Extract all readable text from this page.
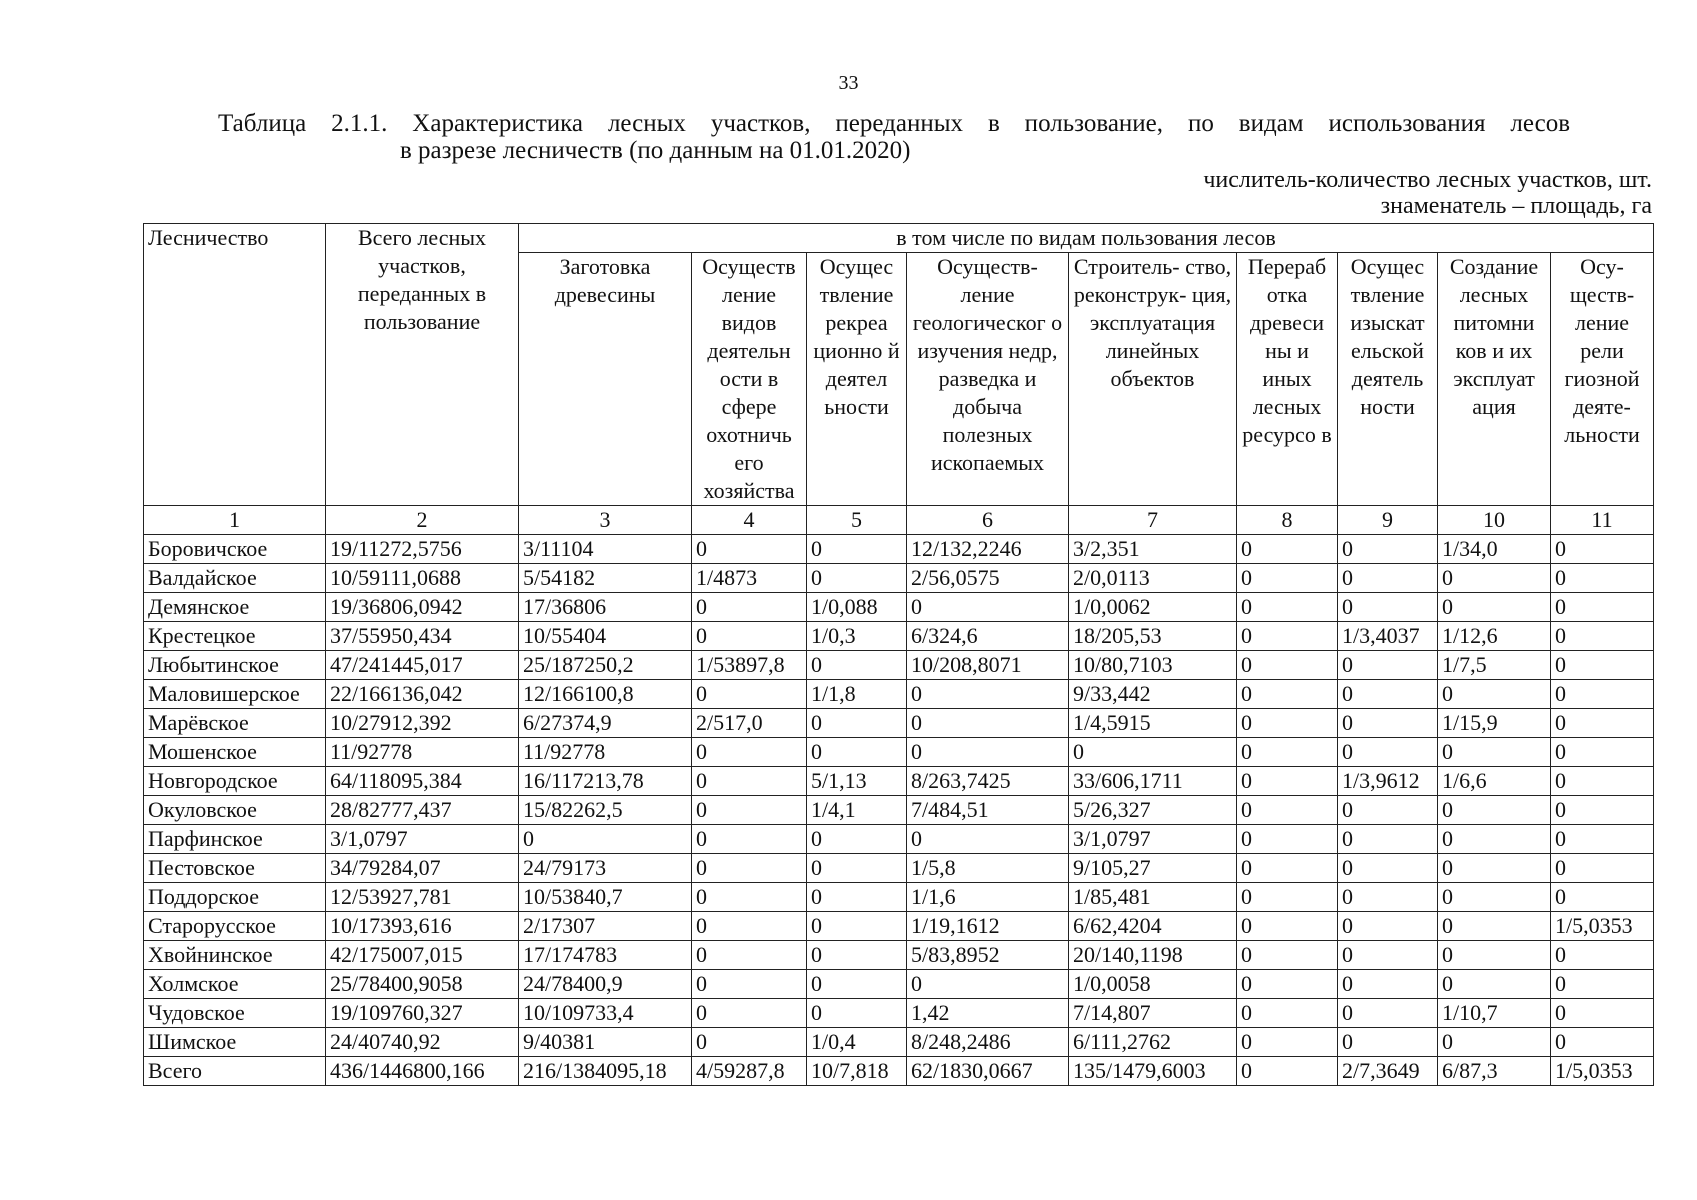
33
Таблица 2.1.1. Характеристика лесных участков, переданных в пользование, по видам использования лесов
в разрезе лесничеств (по данным на 01.01.2020)
числитель-количество лесных участков, шт.
знаменатель – площадь, га
Лесничество	Всего лесных участков, переданных в пользование	в том числе по видам пользования лесов								
		Заготовка древесины	Осуществ ление видов деятельн ости в сфере охотничь его хозяйства	Осущес твление рекреа ционно й деятел ьности	Осуществ- ление геологическог о изучения недр, разведка и добыча полезных ископаемых	Строитель- ство, реконструк- ция, эксплуатация линейных объектов	Перераб отка древеси ны и иных лесных ресурсо в	Осущес твление изыскат ельской деятель ности	Создание лесных питомни ков и их эксплуат ация	Осу- ществ- ление рели гиозной деяте- льности
1	2	3	4	5	6	7	8	9	10	11
Боровичское	19/11272,5756	3/11104	0	0	12/132,2246	3/2,351	0	0	1/34,0	0
Валдайское	10/59111,0688	5/54182	1/4873	0	2/56,0575	2/0,0113	0	0	0	0
Демянское	19/36806,0942	17/36806	0	1/0,088	0	1/0,0062	0	0	0	0
Крестецкое	37/55950,434	10/55404	0	1/0,3	6/324,6	18/205,53	0	1/3,4037	1/12,6	0
Любытинское	47/241445,017	25/187250,2	1/53897,8	0	10/208,8071	10/80,7103	0	0	1/7,5	0
Маловишерское	22/166136,042	12/166100,8	0	1/1,8	0	9/33,442	0	0	0	0
Марёвское	10/27912,392	6/27374,9	2/517,0	0	0	1/4,5915	0	0	1/15,9	0
Мошенское	11/92778	11/92778	0	0	0	0	0	0	0	0
Новгородское	64/118095,384	16/117213,78	0	5/1,13	8/263,7425	33/606,1711	0	1/3,9612	1/6,6	0
Окуловское	28/82777,437	15/82262,5	0	1/4,1	7/484,51	5/26,327	0	0	0	0
Парфинское	3/1,0797	0	0	0	0	3/1,0797	0	0	0	0
Пестовское	34/79284,07	24/79173	0	0	1/5,8	9/105,27	0	0	0	0
Поддорское	12/53927,781	10/53840,7	0	0	1/1,6	1/85,481	0	0	0	0
Старорусское	10/17393,616	2/17307	0	0	1/19,1612	6/62,4204	0	0	0	1/5,0353
Хвойнинское	42/175007,015	17/174783	0	0	5/83,8952	20/140,1198	0	0	0	0
Холмское	25/78400,9058	24/78400,9	0	0	0	1/0,0058	0	0	0	0
Чудовское	19/109760,327	10/109733,4	0	0	1,42	7/14,807	0	0	1/10,7	0
Шимское	24/40740,92	9/40381	0	1/0,4	8/248,2486	6/111,2762	0	0	0	0
Всего	436/1446800,166	216/1384095,18	4/59287,8	10/7,818	62/1830,0667	135/1479,6003	0	2/7,3649	6/87,3	1/5,0353
